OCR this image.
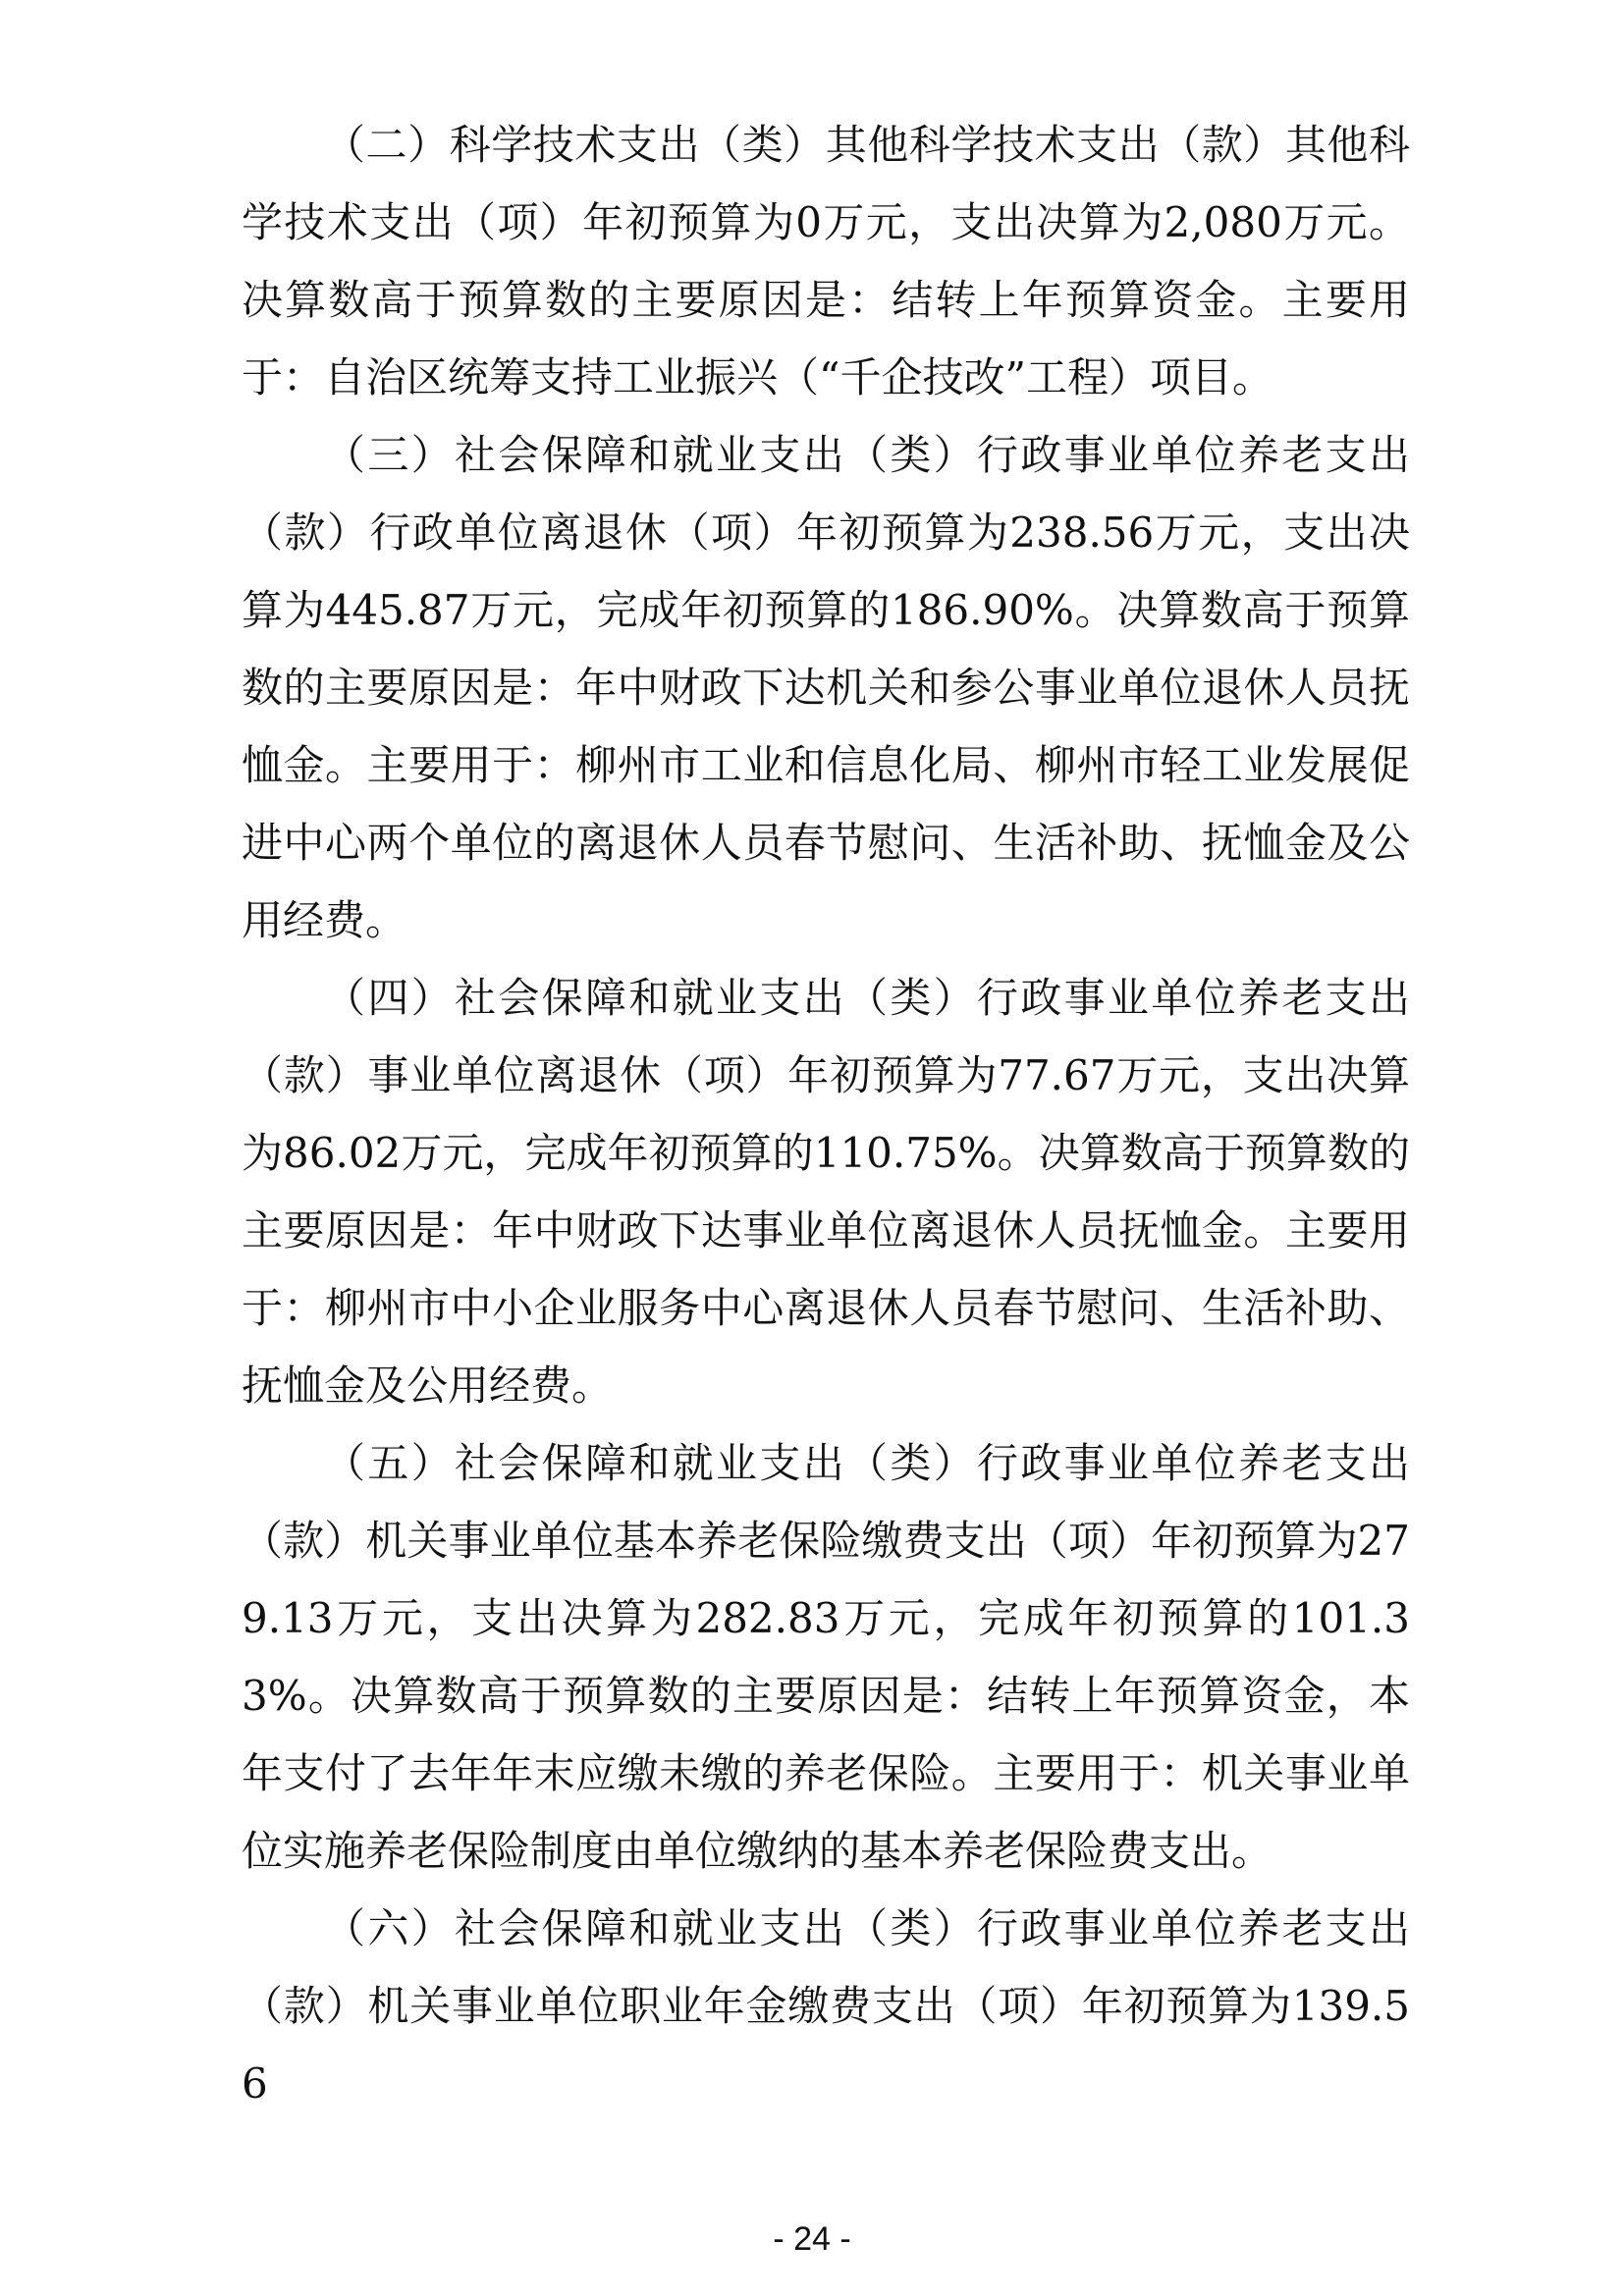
（二）科学技术支出（类）其他科学技术支出（款）其他科学技术支出（项）年初预算为0万元，支出决算为2,080万元。决算数高于预算数的主要原因是：结转上年预算资金。主要用于：自治区统筹支持工业振兴（“千企技改”工程）项目。

（三）社会保障和就业支出（类）行政事业单位养老支出（款）行政单位离退休（项）年初预算为238.56万元，支出决算为445.87万元，完成年初预算的186.90%。决算数高于预算数的主要原因是：年中财政下达机关和参公事业单位退休人员抚恤金。主要用于：柳州市工业和信息化局、柳州市轻工业发展促进中心两个单位的离退休人员春节慰问、生活补助、抚恤金及公用经费。

（四）社会保障和就业支出（类）行政事业单位养老支出（款）事业单位离退休（项）年初预算为77.67万元，支出决算为86.02万元，完成年初预算的110.75%。决算数高于预算数的主要原因是：年中财政下达事业单位离退休人员抚恤金。主要用于：柳州市中小企业服务中心离退休人员春节慰问、生活补助、抚恤金及公用经费。

（五）社会保障和就业支出（类）行政事业单位养老支出（款）机关事业单位基本养老保险缴费支出（项）年初预算为279.13万元，支出决算为282.83万元，完成年初预算的101.33%。决算数高于预算数的主要原因是：结转上年预算资金，本年支付了去年年末应缴未缴的养老保险。主要用于：机关事业单位实施养老保险制度由单位缴纳的基本养老保险费支出。

（六）社会保障和就业支出（类）行政事业单位养老支出（款）机关事业单位职业年金缴费支出（项）年初预算为139.56

- 24 -
